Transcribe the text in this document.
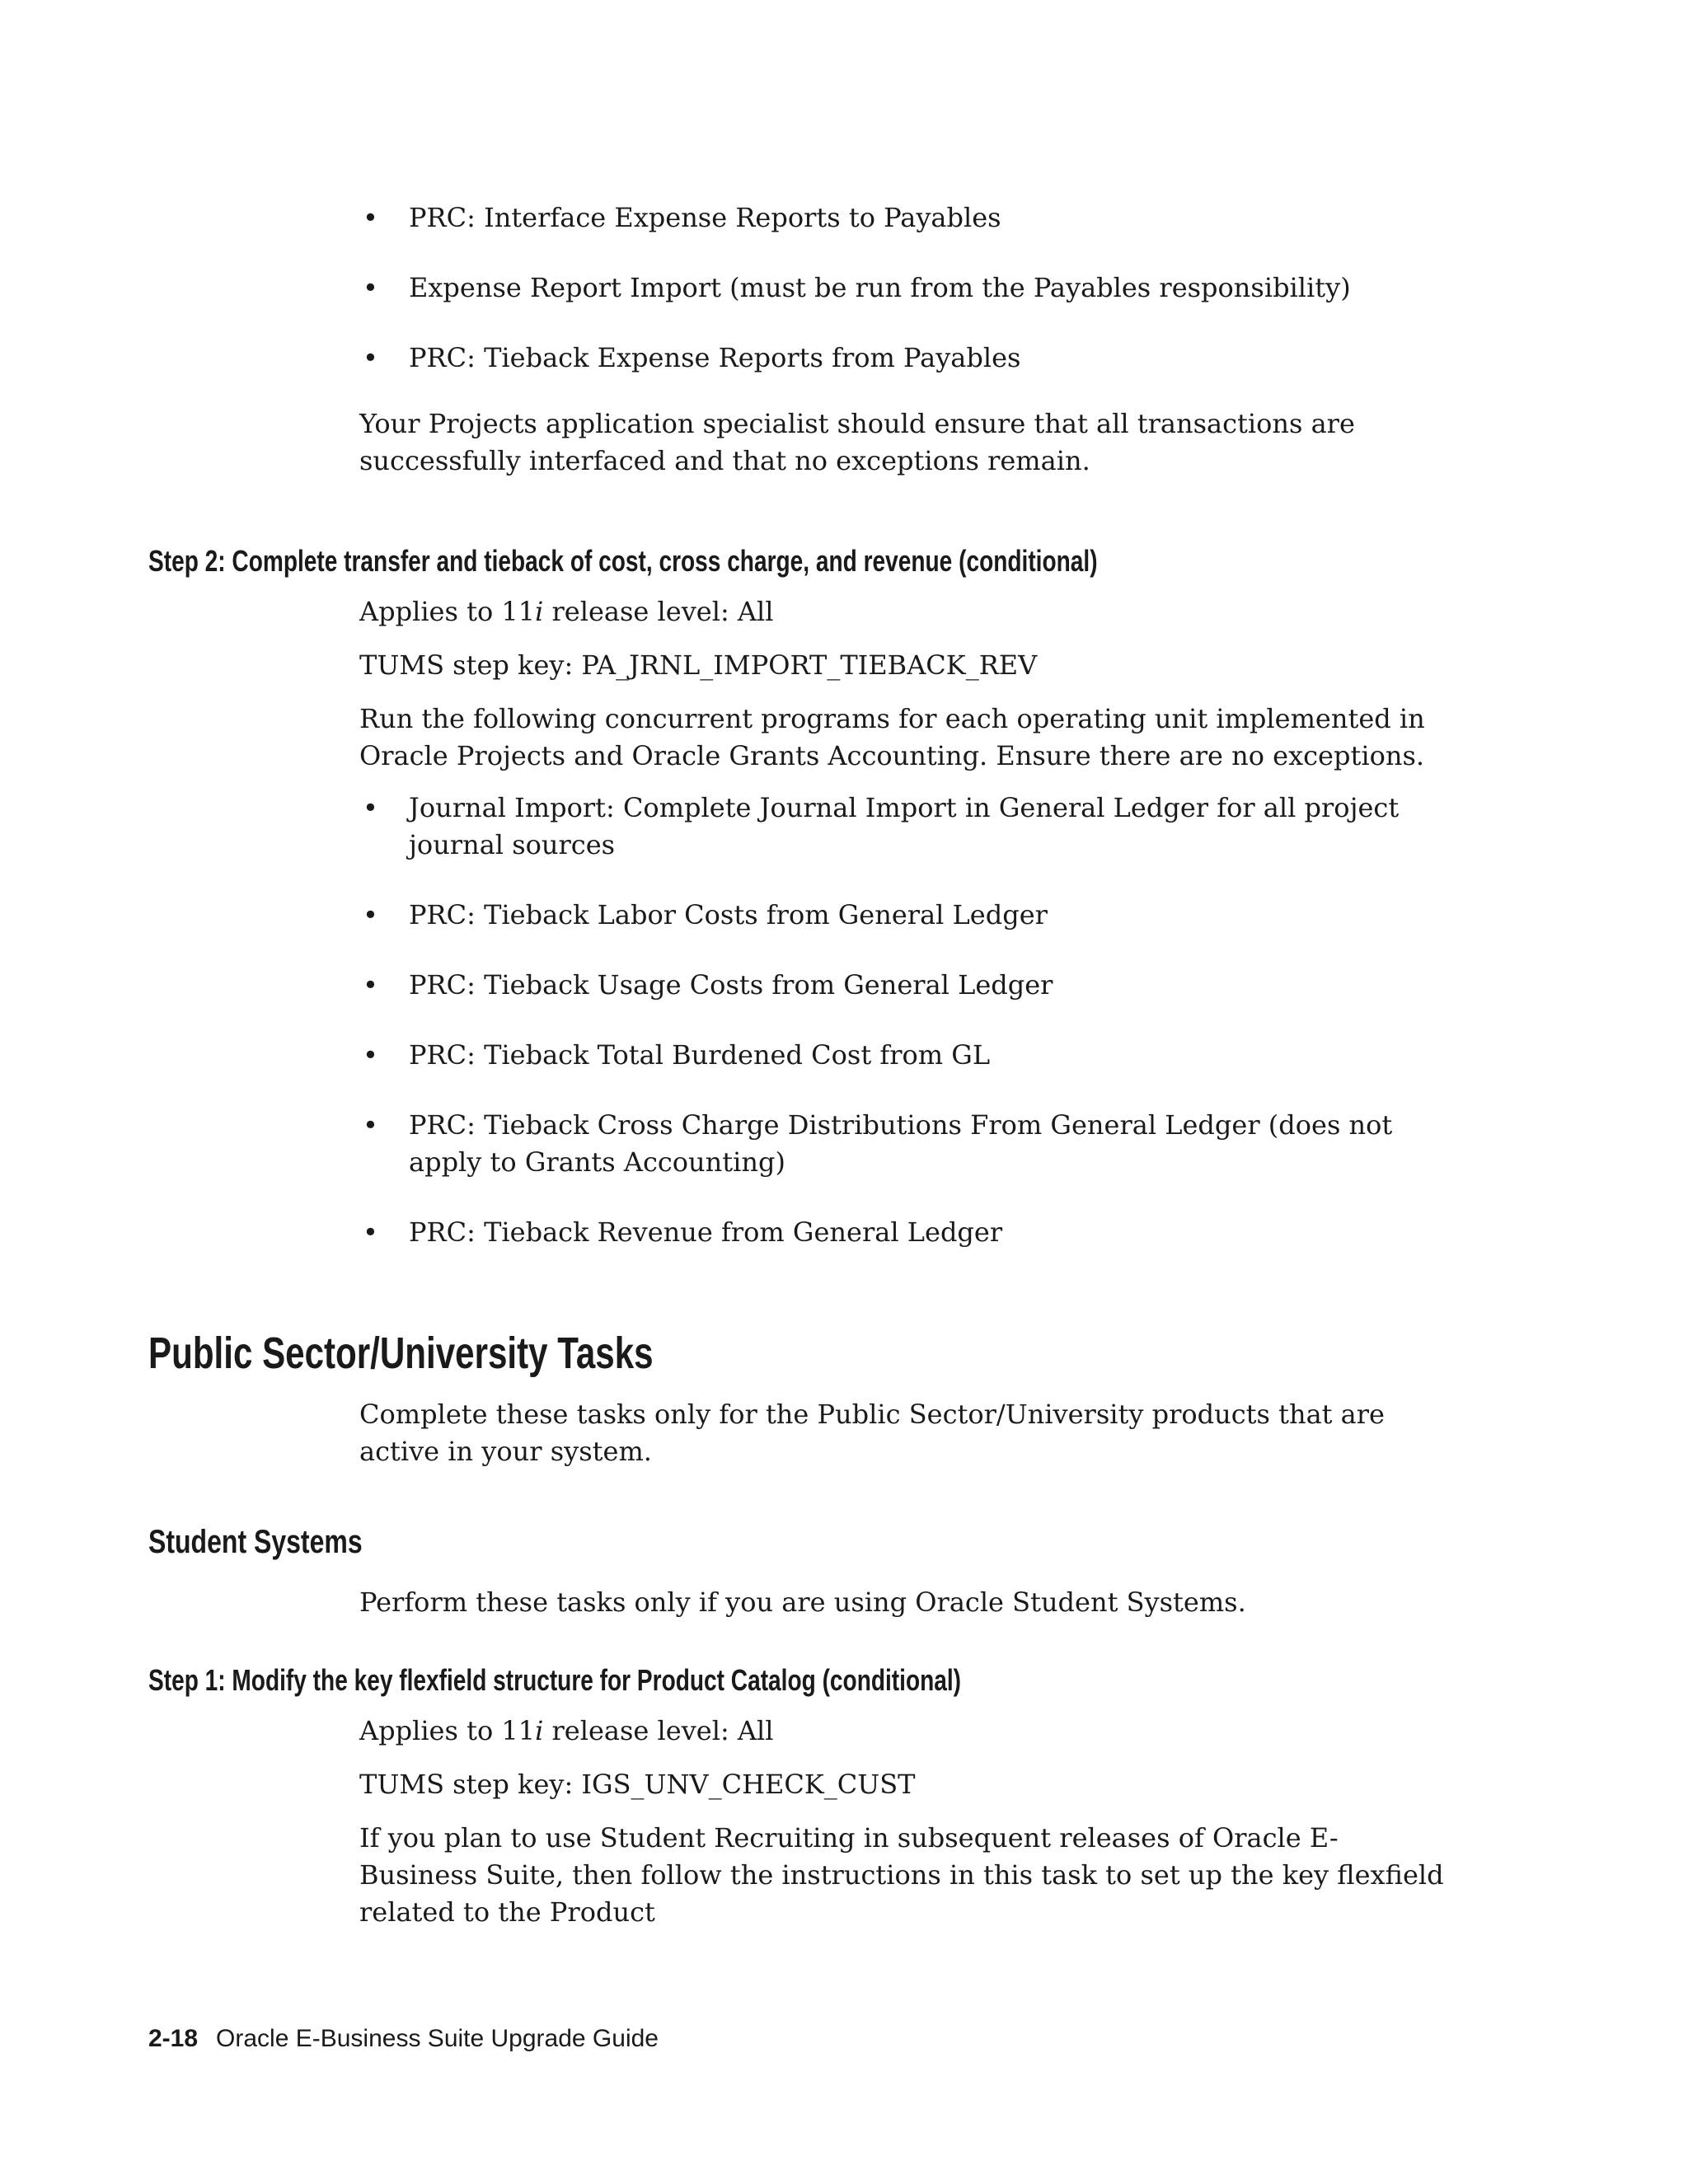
• PRC: Interface Expense Reports to Payables
• Expense Report Import (must be run from the Payables responsibility)
• PRC: Tieback Expense Reports from Payables

Your Projects application specialist should ensure that all transactions are successfully interfaced and that no exceptions remain.

Step 2: Complete transfer and tieback of cost, cross charge, and revenue (conditional)

Applies to 11i release level: All

TUMS step key: PA_JRNL_IMPORT_TIEBACK_REV

Run the following concurrent programs for each operating unit implemented in Oracle Projects and Oracle Grants Accounting. Ensure there are no exceptions.

• Journal Import: Complete Journal Import in General Ledger for all project journal sources
• PRC: Tieback Labor Costs from General Ledger
• PRC: Tieback Usage Costs from General Ledger
• PRC: Tieback Total Burdened Cost from GL
• PRC: Tieback Cross Charge Distributions From General Ledger (does not apply to Grants Accounting)
• PRC: Tieback Revenue from General Ledger
Public Sector/University Tasks

Complete these tasks only for the Public Sector/University products that are active in your system.

Student Systems

Perform these tasks only if you are using Oracle Student Systems.

Step 1: Modify the key flexfield structure for Product Catalog (conditional)

Applies to 11i release level: All

TUMS step key: IGS_UNV_CHECK_CUST

If you plan to use Student Recruiting in subsequent releases of Oracle E-Business Suite, then follow the instructions in this task to set up the key flexfield related to the Product

2-18 Oracle E-Business Suite Upgrade Guide
